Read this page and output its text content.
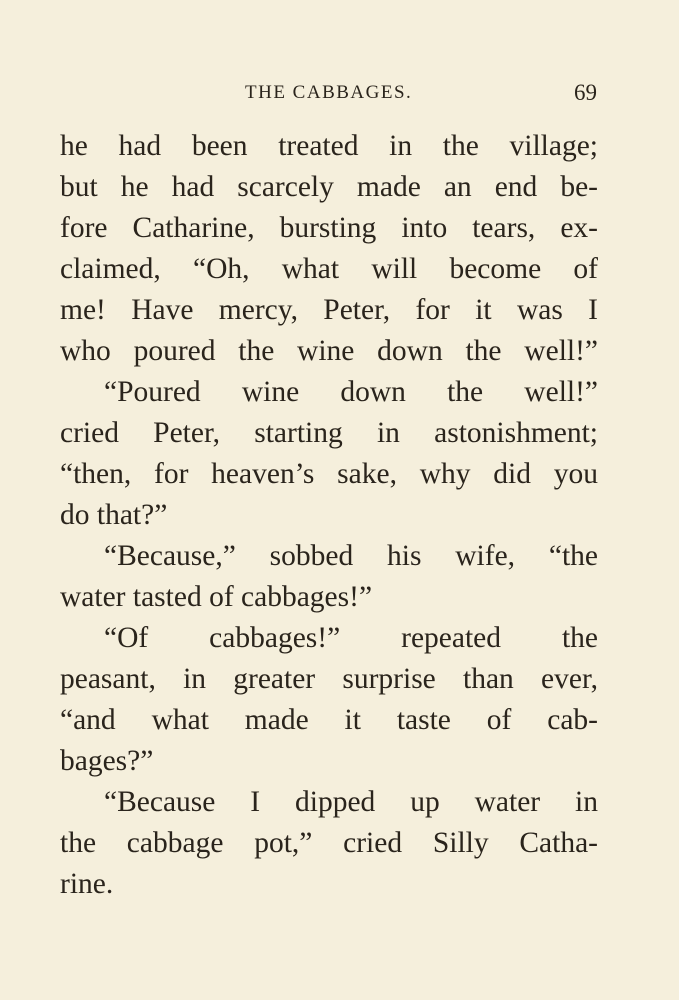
THE CABBAGES.	69
he had been treated in the village;
but he had scarcely made an end be-
fore Catharine, bursting into tears, ex-
claimed, “Oh, what will become of
me! Have mercy, Peter, for it was I
who poured the wine down the well!”
“Poured wine down the well!”
cried Peter, starting in astonishment;
“then, for heaven’s sake, why did you
do that?”
“Because,” sobbed his wife, “the
water tasted of cabbages!”
“Of cabbages!” repeated the
peasant, in greater surprise than ever,
“and what made it taste of cab-
bages?”
“Because I dipped up water in
the cabbage pot,” cried Silly Catha-
rine.
